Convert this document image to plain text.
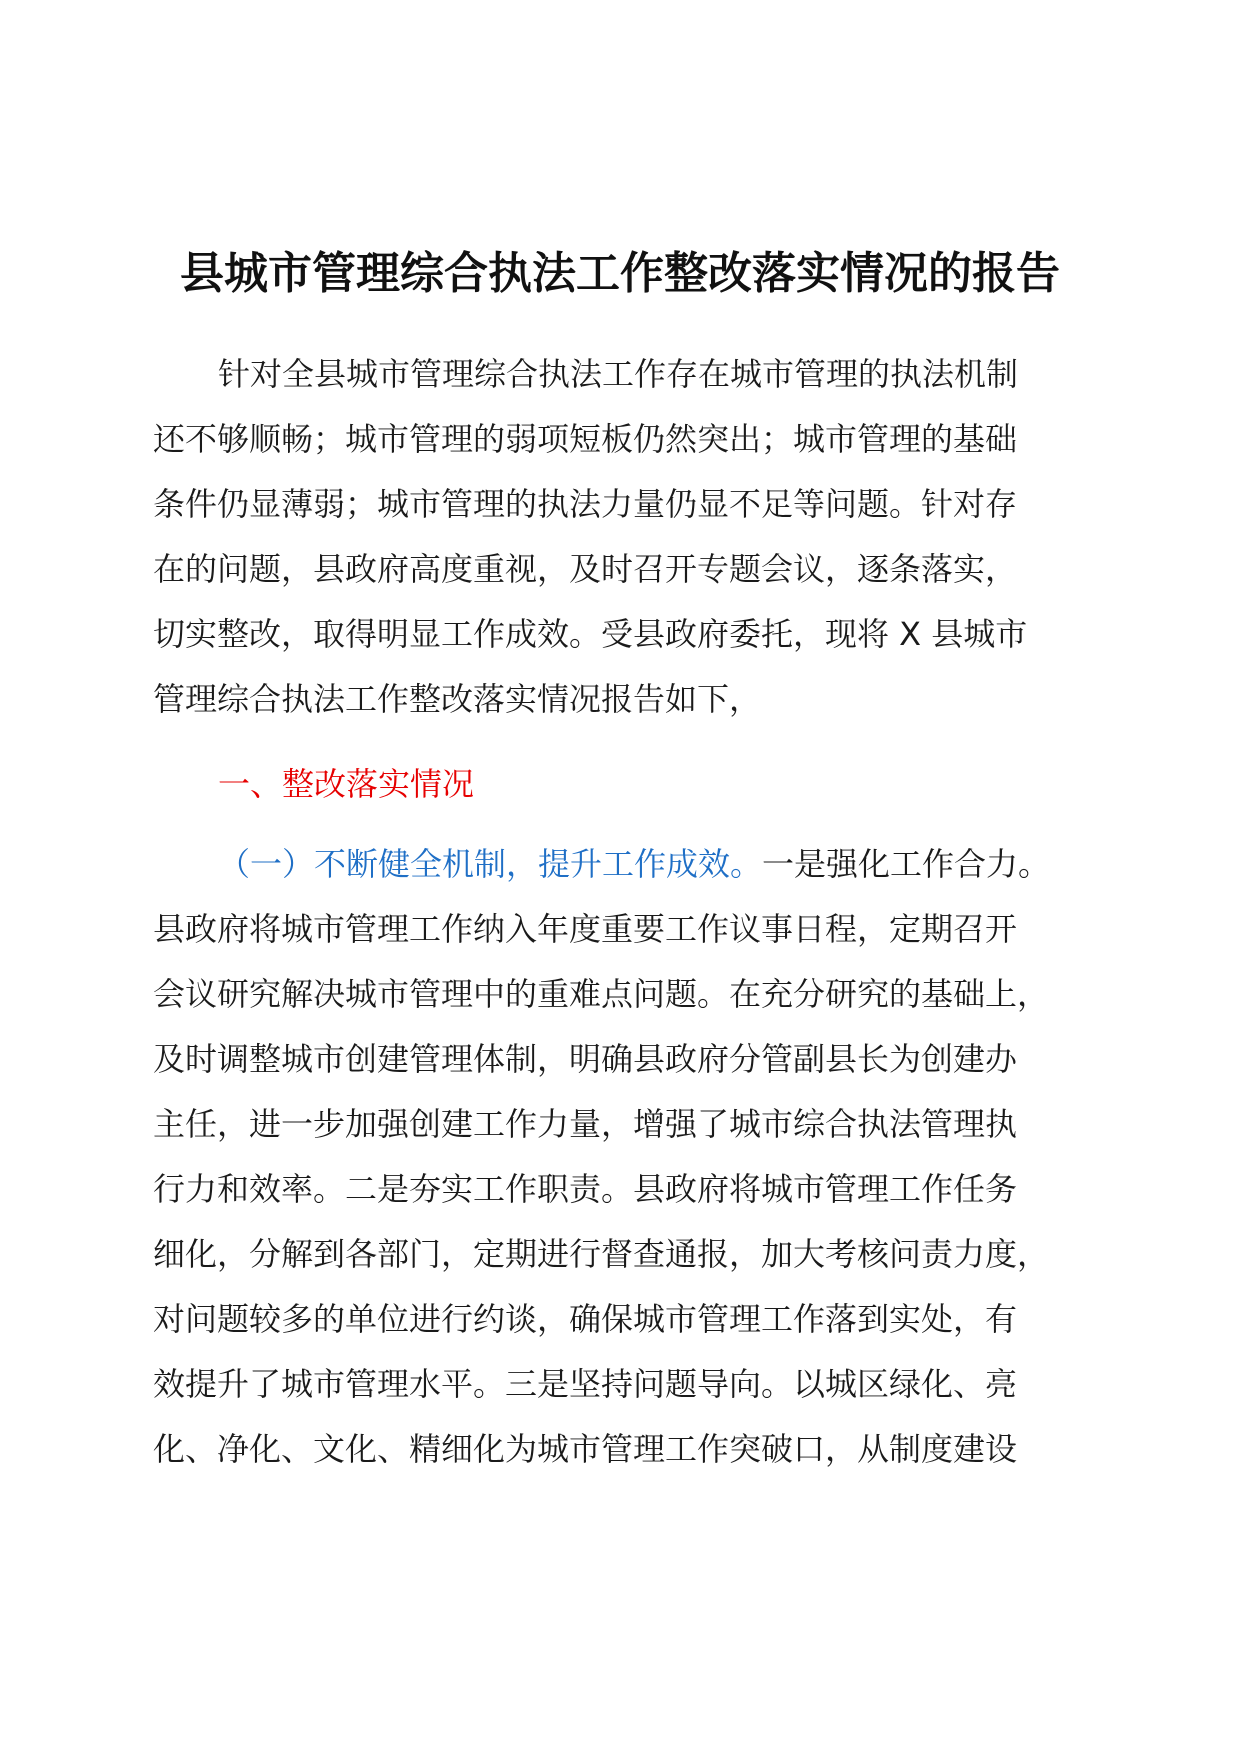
县城市管理综合执法工作整改落实情况的报告
针对全县城市管理综合执法工作存在城市管理的执法机制
还不够顺畅；城市管理的弱项短板仍然突出；城市管理的基础
条件仍显薄弱；城市管理的执法力量仍显不足等问题。针对存
在的问题，县政府高度重视，及时召开专题会议，逐条落实，
切实整改，取得明显工作成效。受县政府委托，现将 X 县城市
管理综合执法工作整改落实情况报告如下，
一、整改落实情况
（一）不断健全机制，提升工作成效。一是强化工作合力。
县政府将城市管理工作纳入年度重要工作议事日程，定期召开
会议研究解决城市管理中的重难点问题。在充分研究的基础上，
及时调整城市创建管理体制，明确县政府分管副县长为创建办
主任，进一步加强创建工作力量，增强了城市综合执法管理执
行力和效率。二是夯实工作职责。县政府将城市管理工作任务
细化，分解到各部门，定期进行督查通报，加大考核问责力度，
对问题较多的单位进行约谈，确保城市管理工作落到实处，有
效提升了城市管理水平。三是坚持问题导向。以城区绿化、亮
化、净化、文化、精细化为城市管理工作突破口，从制度建设
